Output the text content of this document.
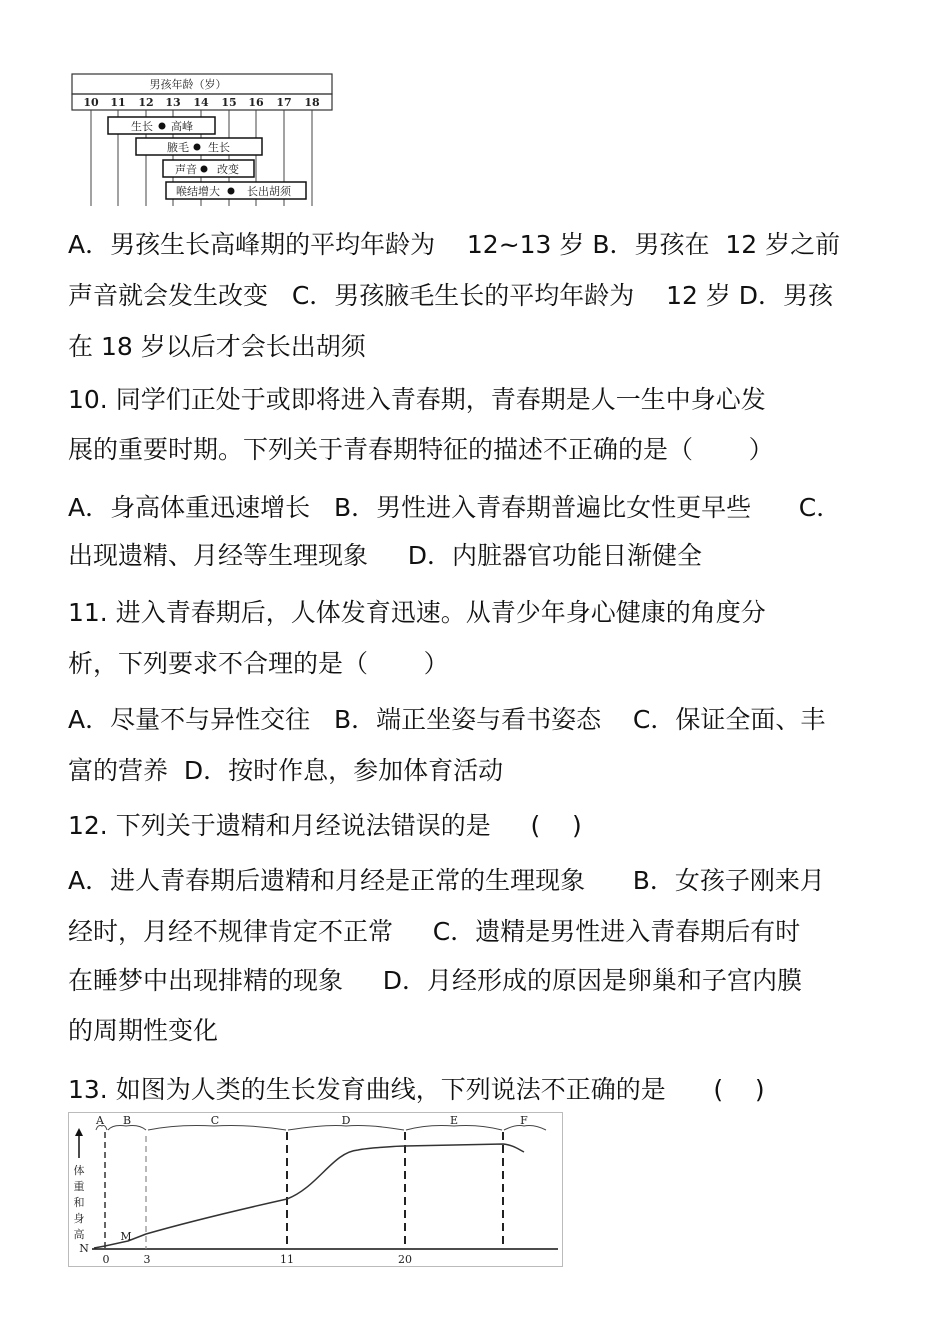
男孩年龄（岁）
10 11 12 13 14 15 16 17 18
生长 高峰
腋毛 生长
声音 改变
喉结增大 长出胡须
A．男孩生长高峰期的平均年龄为    12~13 岁 B．男孩在  12 岁之前
声音就会发生改变   C．男孩腋毛生长的平均年龄为    12 岁 D．男孩
在 18 岁以后才会长出胡须
10. 同学们正处于或即将进入青春期，青春期是人一生中身心发
展的重要时期。下列关于青春期特征的描述不正确的是（       ）
A．身高体重迅速增长   B．男性进入青春期普遍比女性更早些      C．
出现遗精、月经等生理现象     D．内脏器官功能日渐健全
11. 进入青春期后，人体发育迅速。从青少年身心健康的角度分
析，下列要求不合理的是（       ）
A．尽量不与异性交往   B．端正坐姿与看书姿态    C．保证全面、丰
富的营养  D．按时作息，参加体育活动
12. 下列关于遗精和月经说法错误的是     (    )
A．进人青春期后遗精和月经是正常的生理现象      B．女孩子刚来月
经时，月经不规律肯定不正常     C．遗精是男性进入青春期后有时
在睡梦中出现排精的现象     D．月经形成的原因是卵巢和子宫内膜
的周期性变化
13. 如图为人类的生长发育曲线，下列说法不正确的是      (    )
A B	C	D	E	F
体
重
和
身
高
N
M
0	3	11	20
